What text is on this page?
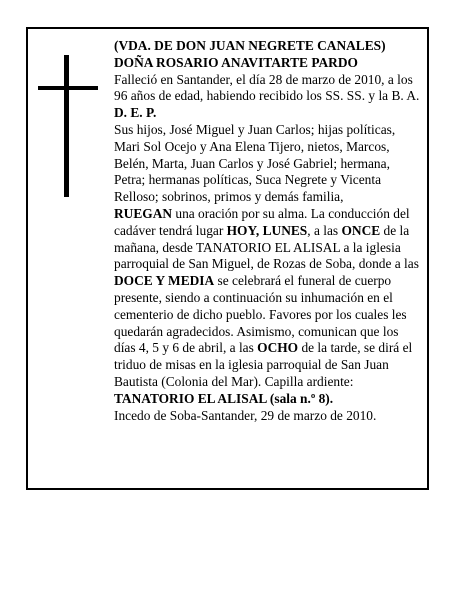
(VDA. DE DON JUAN NEGRETE CANALES)

DOÑA ROSARIO ANAVITARTE PARDO

Falleció en Santander, el día 28 de marzo de 2010, a los 96 años de edad, habiendo recibido los SS. SS. y la B. A.

D. E. P.

Sus hijos, José Miguel y Juan Carlos; hijas políticas, Mari Sol Ocejo y Ana Elena Tijero, nietos, Marcos, Belén, Marta, Juan Carlos y José Gabriel; hermana, Petra; hermanas políticas, Suca Negrete y Vicenta Relloso; sobrinos, primos y demás familia,

RUEGAN una oración por su alma. La conducción del cadáver tendrá lugar HOY, LUNES, a las ONCE de la mañana, desde TANATORIO EL ALISAL a la iglesia parroquial de San Miguel, de Rozas de Soba, donde a las DOCE Y MEDIA se celebrará el funeral de cuerpo presente, siendo a continuación su inhumación en el cementerio de dicho pueblo. Favores por los cuales les quedarán agradecidos. Asimismo, comunican que los días 4, 5 y 6 de abril, a las OCHO de la tarde, se dirá el triduo de misas en la iglesia parroquial de San Juan Bautista (Colonia del Mar). Capilla ardiente:

TANATORIO EL ALISAL (sala n.º 8).

Incedo de Soba-Santander, 29 de marzo de 2010.
